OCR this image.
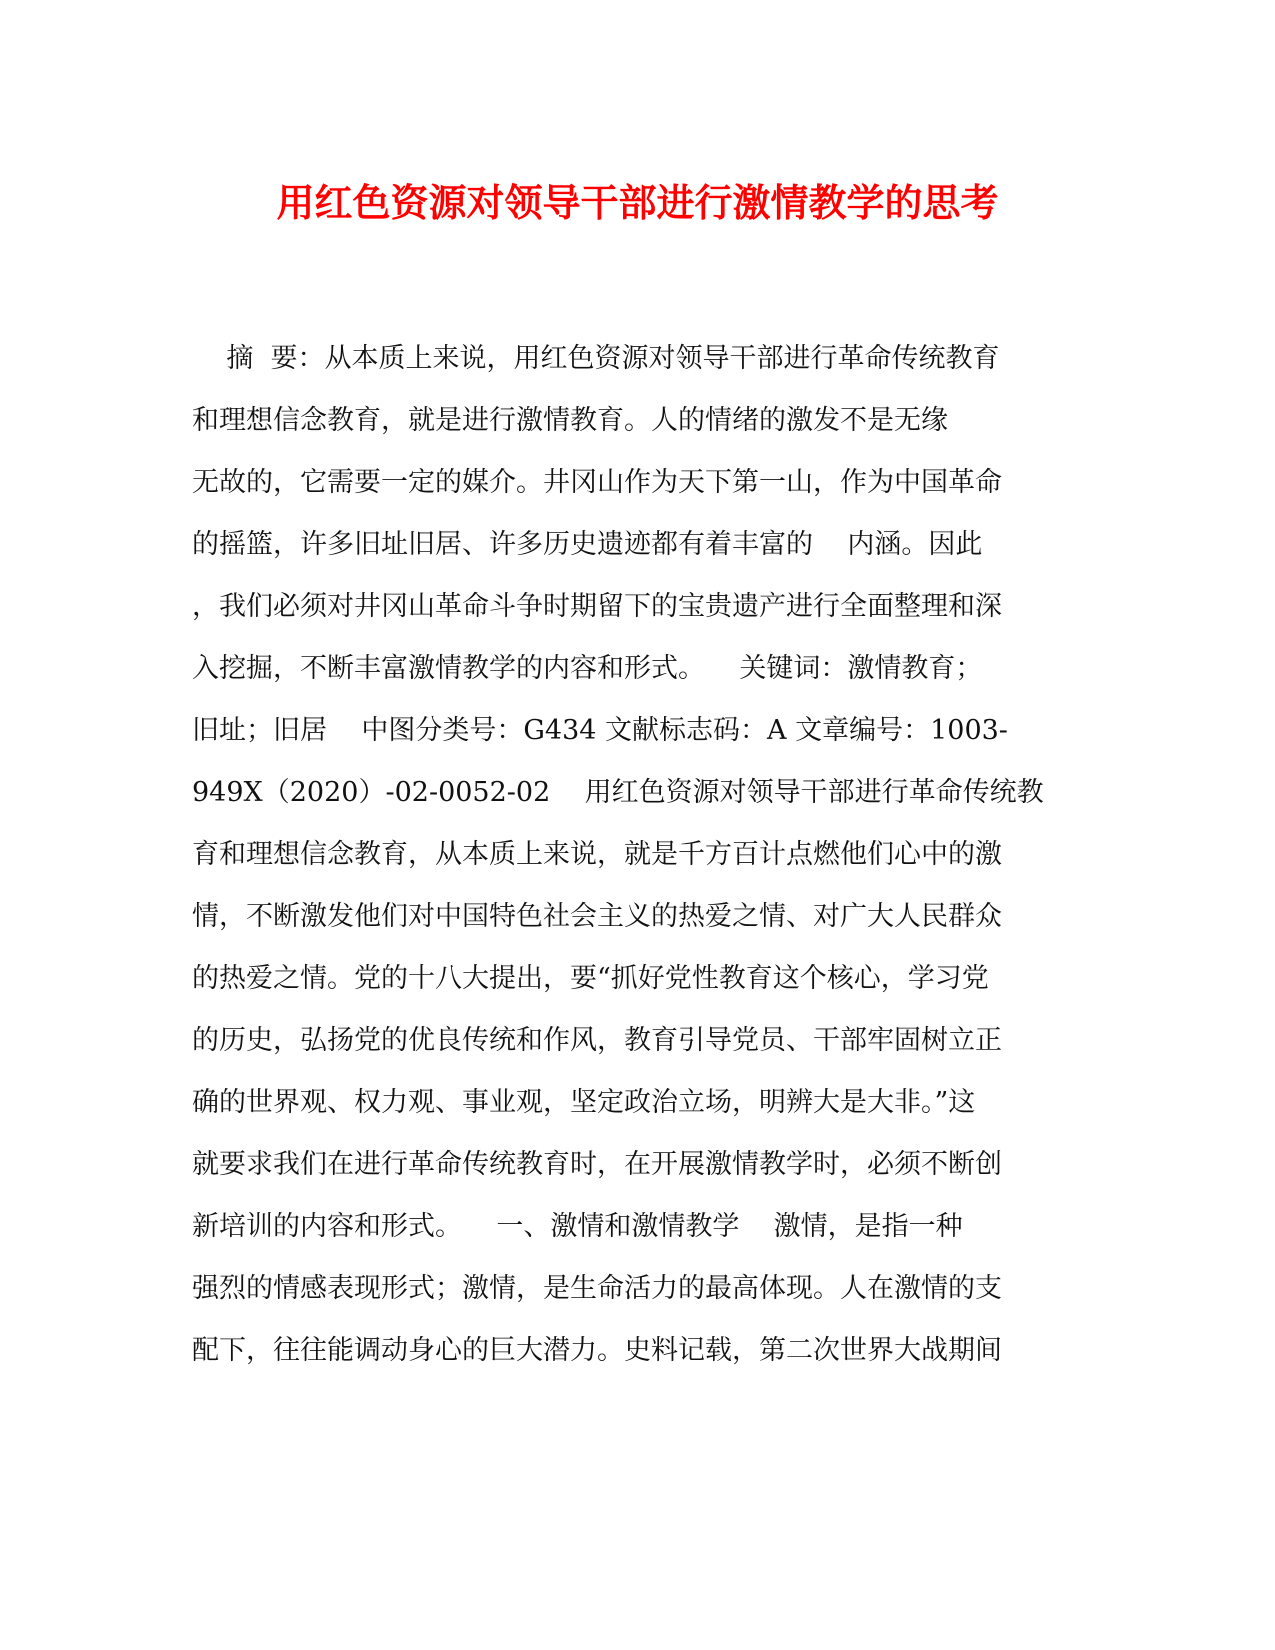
用红色资源对领导干部进行激情教学的思考
摘  要：从本质上来说，用红色资源对领导干部进行革命传统教育
和理想信念教育，就是进行激情教育。人的情绪的激发不是无缘
无故的，它需要一定的媒介。井冈山作为天下第一山，作为中国革命
的摇篮，许多旧址旧居、许多历史遗迹都有着丰富的    内涵。因此
，我们必须对井冈山革命斗争时期留下的宝贵遗产进行全面整理和深
入挖掘，不断丰富激情教学的内容和形式。    关键词：激情教育；
旧址；旧居    中图分类号：G434 文献标志码：A 文章编号：1003-
949X（2020）-02-0052-02    用红色资源对领导干部进行革命传统教
育和理想信念教育，从本质上来说，就是千方百计点燃他们心中的激
情，不断激发他们对中国特色社会主义的热爱之情、对广大人民群众
的热爱之情。党的十八大提出，要“抓好党性教育这个核心，学习党
的历史，弘扬党的优良传统和作风，教育引导党员、干部牢固树立正
确的世界观、权力观、事业观，坚定政治立场，明辨大是大非。”这
就要求我们在进行革命传统教育时，在开展激情教学时，必须不断创
新培训的内容和形式。    一、激情和激情教学    激情，是指一种
强烈的情感表现形式；激情，是生命活力的最高体现。人在激情的支
配下，往往能调动身心的巨大潜力。史料记载，第二次世界大战期间
